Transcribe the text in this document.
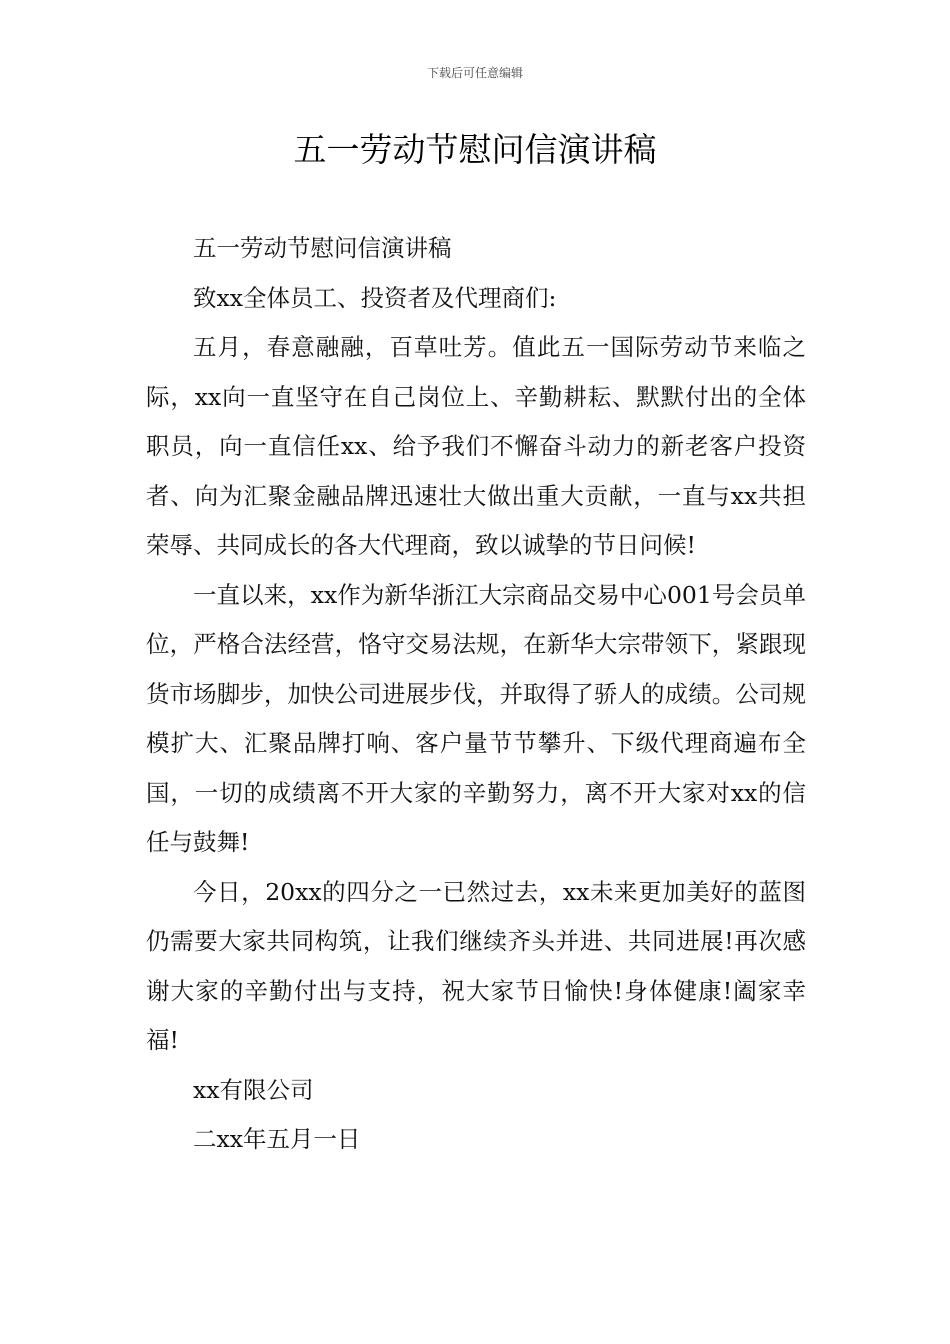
下载后可任意编辑
五一劳动节慰问信演讲稿

五一劳动节慰问信演讲稿

致xx全体员工、投资者及代理商们:

五月，春意融融，百草吐芳。值此五一国际劳动节来临之际，xx向一直坚守在自己岗位上、辛勤耕耘、默默付出的全体职员，向一直信任xx、给予我们不懈奋斗动力的新老客户投资者、向为汇聚金融品牌迅速壮大做出重大贡献，一直与xx共担荣辱、共同成长的各大代理商，致以诚挚的节日问候!

一直以来，xx作为新华浙江大宗商品交易中心001号会员单位，严格合法经营，恪守交易法规，在新华大宗带领下，紧跟现货市场脚步，加快公司进展步伐，并取得了骄人的成绩。公司规模扩大、汇聚品牌打响、客户量节节攀升、下级代理商遍布全国，一切的成绩离不开大家的辛勤努力，离不开大家对xx的信任与鼓舞!

今日，20xx的四分之一已然过去，xx未来更加美好的蓝图仍需要大家共同构筑，让我们继续齐头并进、共同进展!再次感谢大家的辛勤付出与支持，祝大家节日愉快!身体健康!阖家幸福!

xx有限公司

二xx年五月一日
